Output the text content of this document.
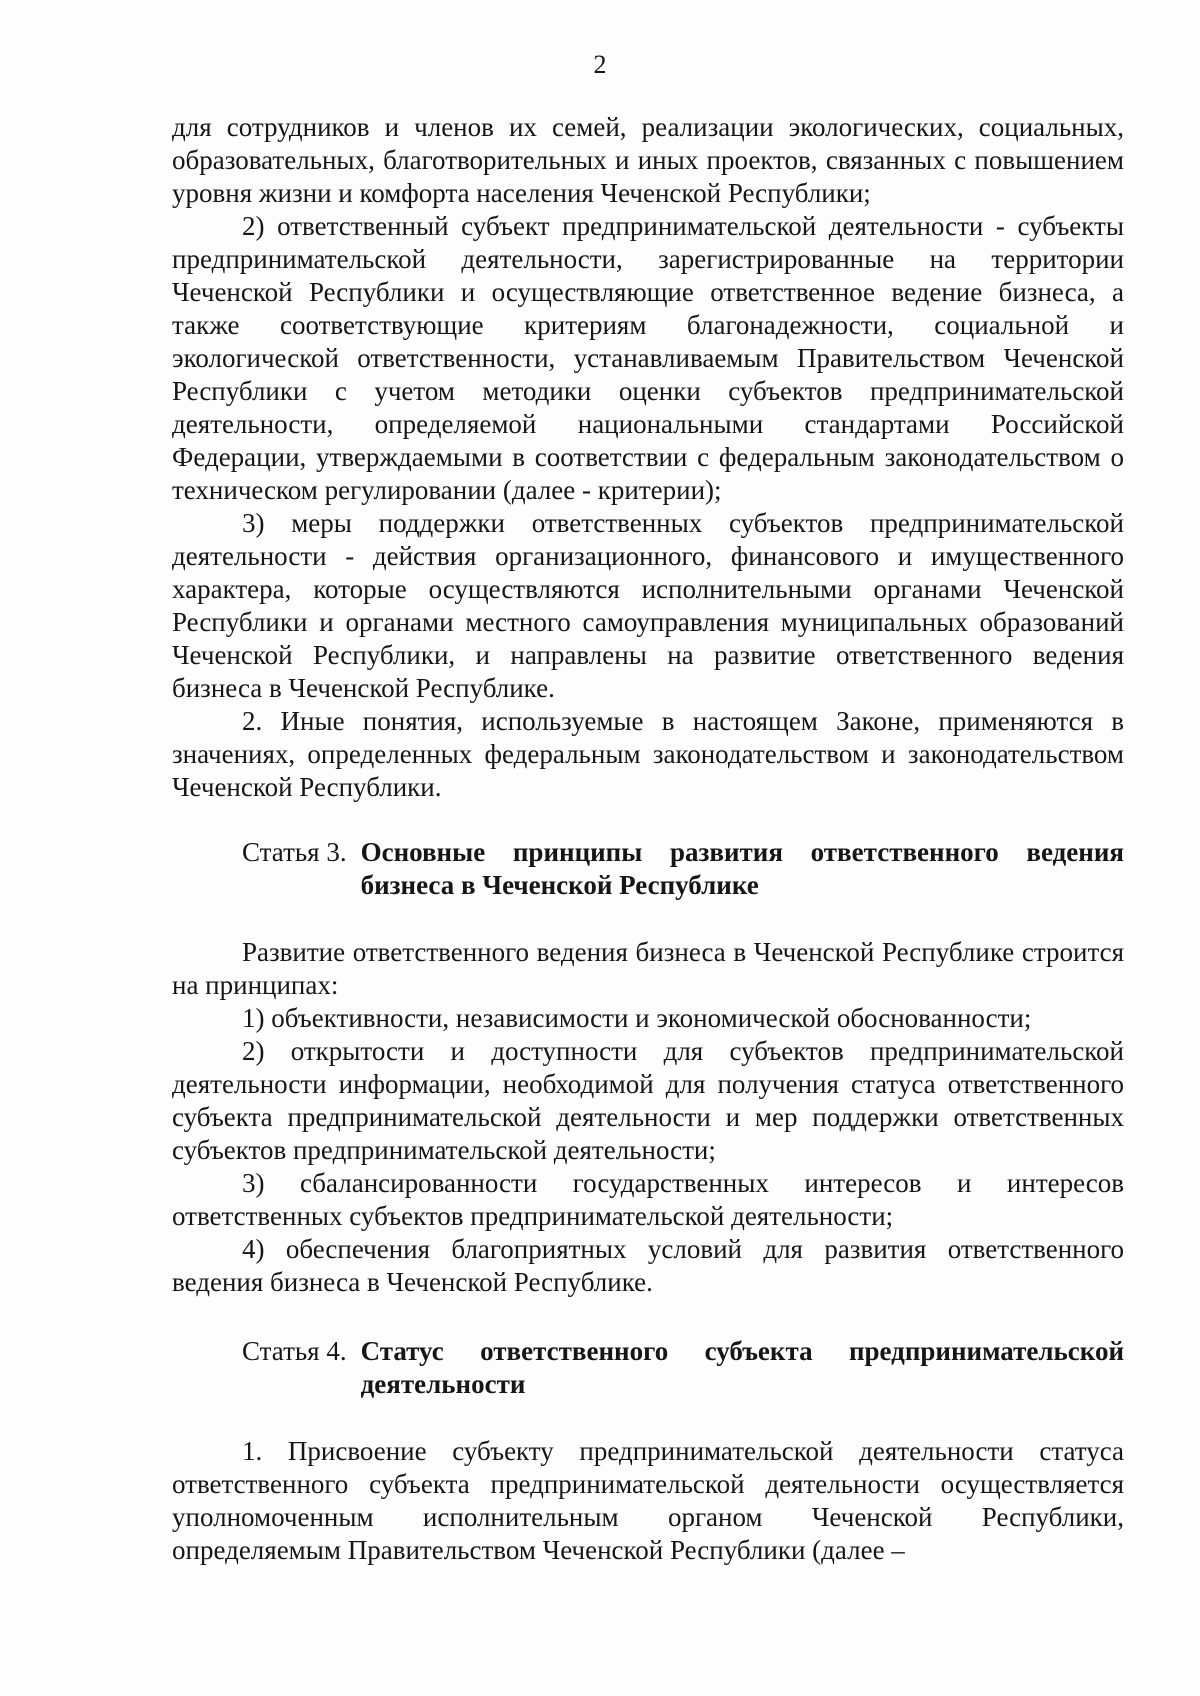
2

для сотрудников и членов их семей, реализации экологических, социальных, образовательных, благотворительных и иных проектов, связанных с повышением уровня жизни и комфорта населения Чеченской Республики;

2) ответственный субъект предпринимательской деятельности - субъекты предпринимательской деятельности, зарегистрированные на территории Чеченской Республики и осуществляющие ответственное ведение бизнеса, а также соответствующие критериям благонадежности, социальной и экологической ответственности, устанавливаемым Правительством Чеченской Республики с учетом методики оценки субъектов предпринимательской деятельности, определяемой национальными стандартами Российской Федерации, утверждаемыми в соответствии с федеральным законодательством о техническом регулировании (далее - критерии);

3) меры поддержки ответственных субъектов предпринимательской деятельности - действия организационного, финансового и имущественного характера, которые осуществляются исполнительными органами Чеченской Республики и органами местного самоуправления муниципальных образований Чеченской Республики, и направлены на развитие ответственного ведения бизнеса в Чеченской Республике.

2. Иные понятия, используемые в настоящем Законе, применяются в значениях, определенных федеральным законодательством и законодательством Чеченской Республики.

Статья 3. Основные принципы развития ответственного ведения бизнеса в Чеченской Республике

Развитие ответственного ведения бизнеса в Чеченской Республике строится на принципах:

1) объективности, независимости и экономической обоснованности;

2) открытости и доступности для субъектов предпринимательской деятельности информации, необходимой для получения статуса ответственного субъекта предпринимательской деятельности и мер поддержки ответственных субъектов предпринимательской деятельности;

3) сбалансированности государственных интересов и интересов ответственных субъектов предпринимательской деятельности;

4) обеспечения благоприятных условий для развития ответственного ведения бизнеса в Чеченской Республике.

Статья 4. Статус ответственного субъекта предпринимательской деятельности

1. Присвоение субъекту предпринимательской деятельности статуса ответственного субъекта предпринимательской деятельности осуществляется уполномоченным исполнительным органом Чеченской Республики, определяемым Правительством Чеченской Республики (далее –
